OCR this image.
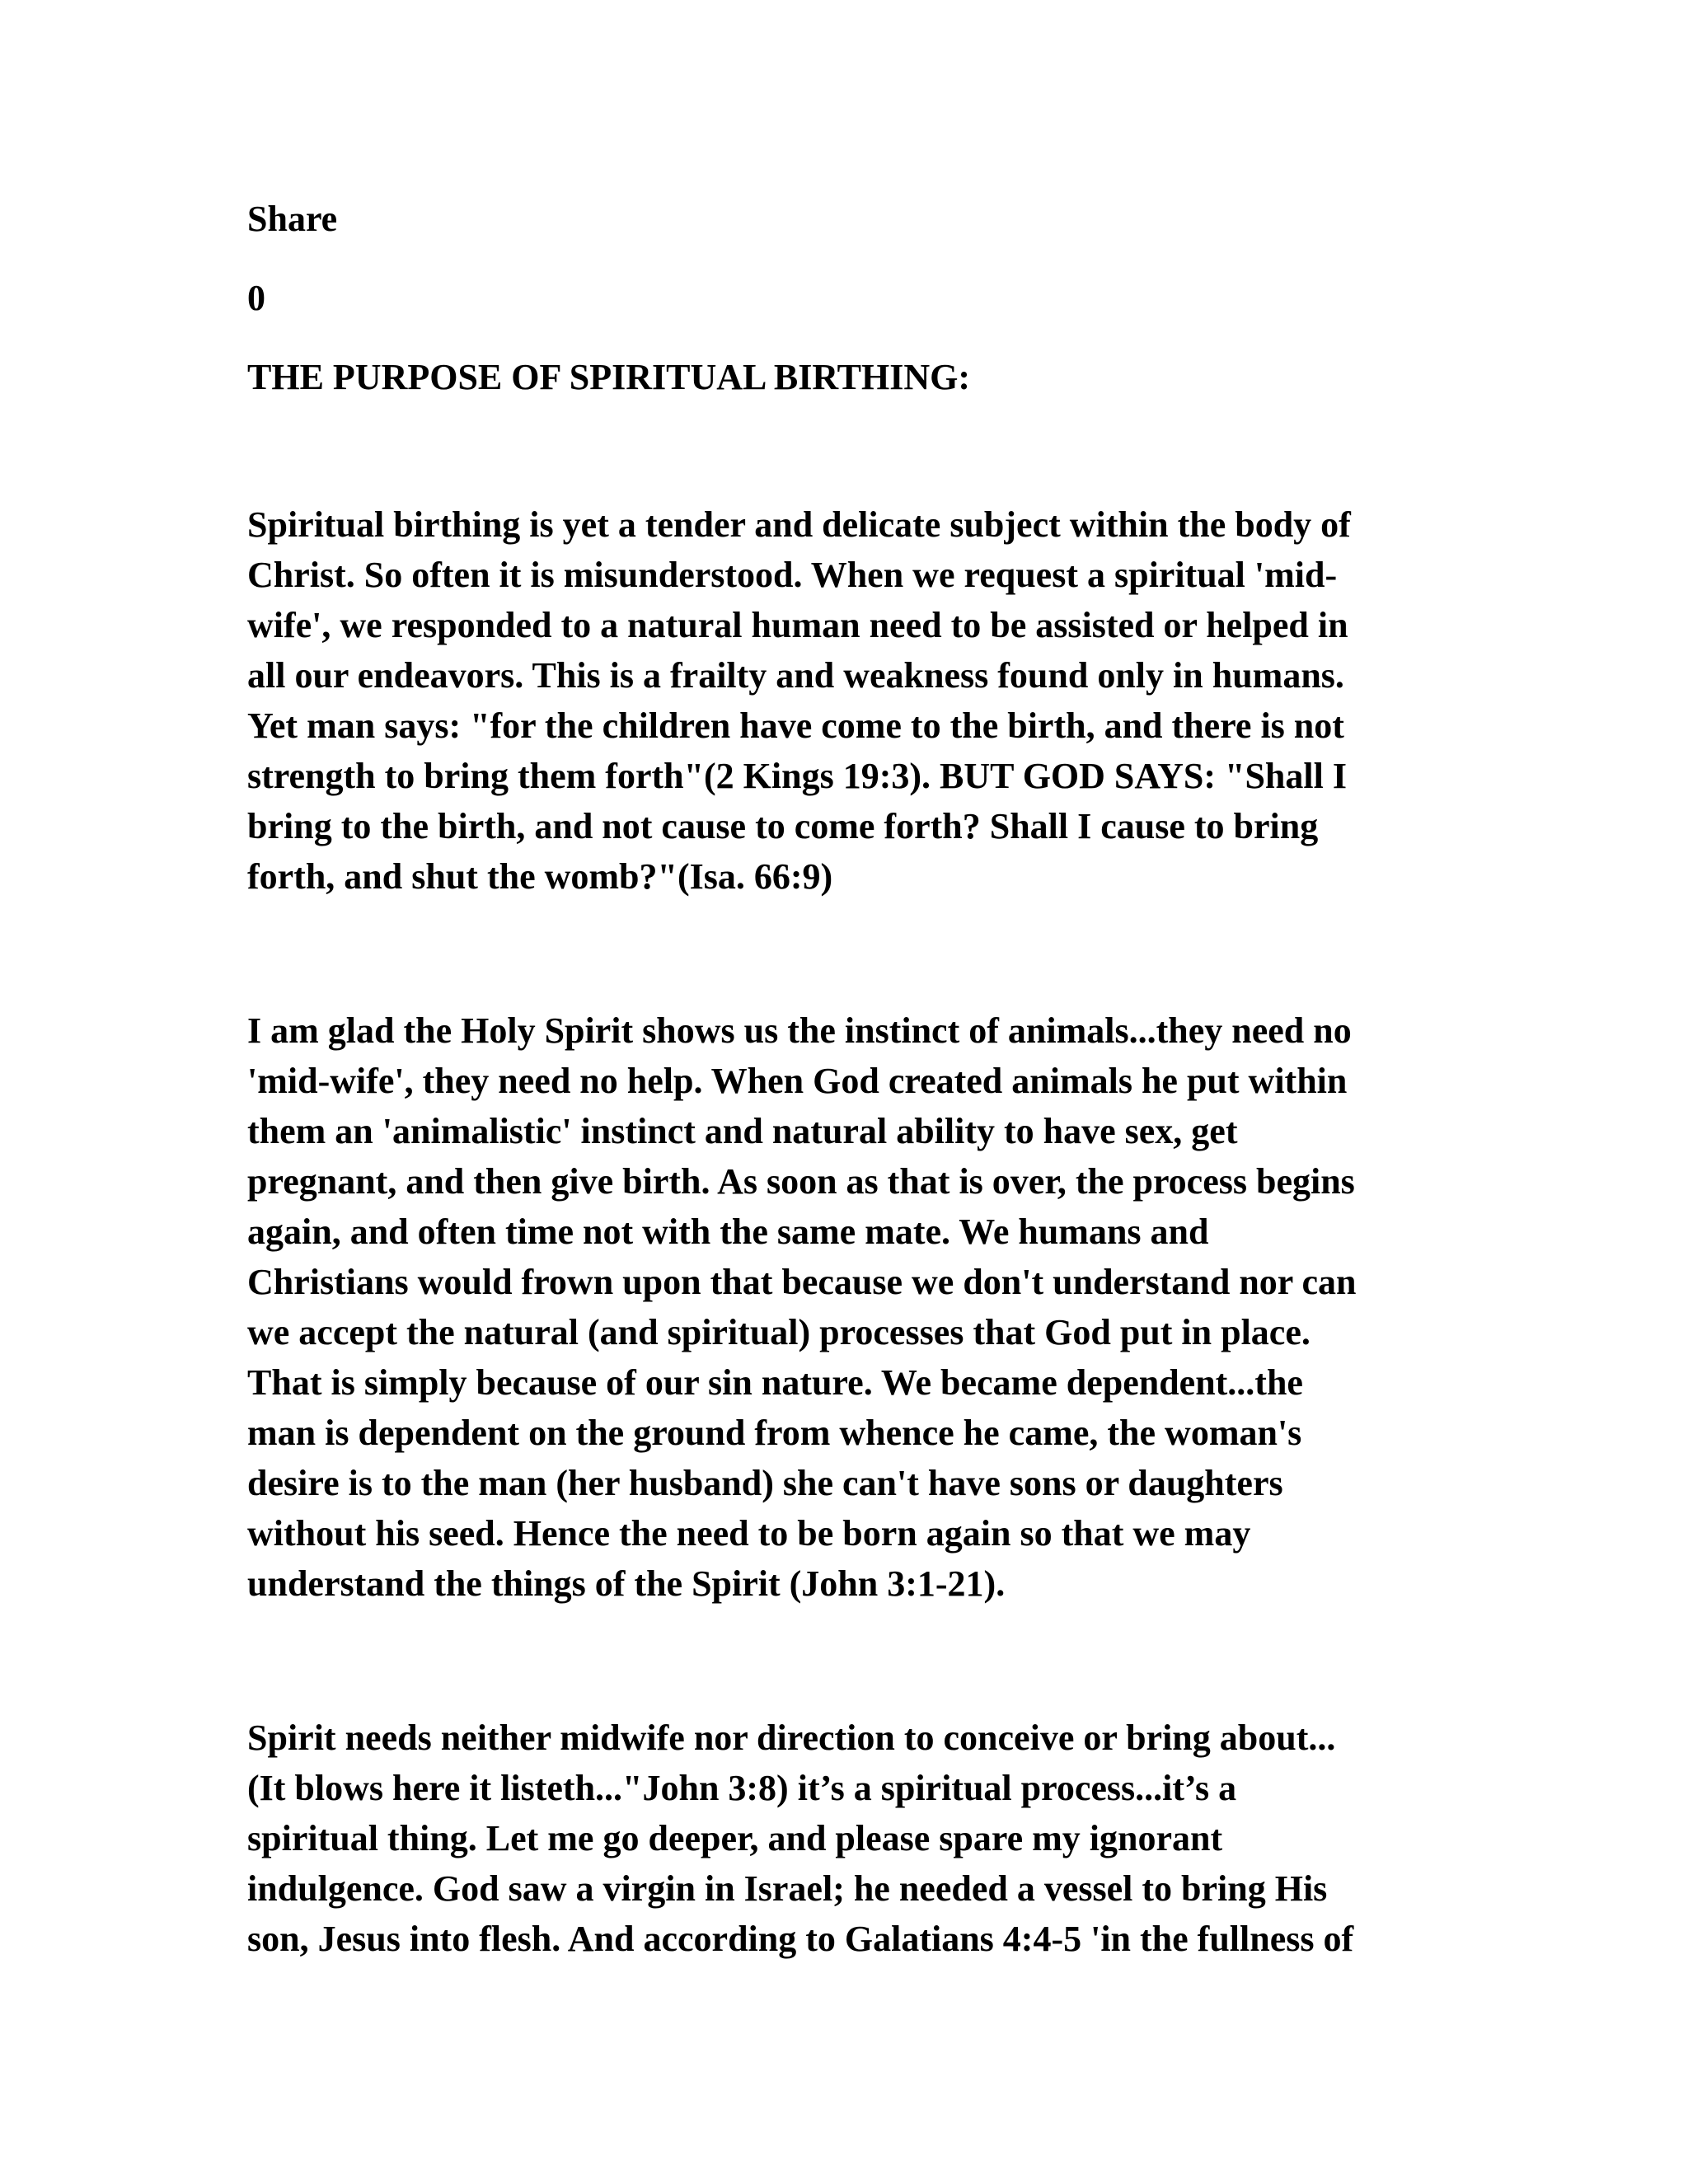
Share
0
THE PURPOSE OF SPIRITUAL BIRTHING:
Spiritual birthing is yet a tender and delicate subject within the body of
Christ. So often it is misunderstood. When we request a spiritual 'mid-
wife', we responded to a natural human need to be assisted or helped in
all our endeavors. This is a frailty and weakness found only in humans.
Yet man says: "for the children have come to the birth, and there is not
strength to bring them forth"(2 Kings 19:3). BUT GOD SAYS: "Shall I
bring to the birth, and not cause to come forth? Shall I cause to bring
forth, and shut the womb?"(Isa. 66:9)
I am glad the Holy Spirit shows us the instinct of animals...they need no
'mid-wife', they need no help. When God created animals he put within
them an 'animalistic' instinct and natural ability to have sex, get
pregnant, and then give birth. As soon as that is over, the process begins
again, and often time not with the same mate. We humans and
Christians would frown upon that because we don't understand nor can
we accept the natural (and spiritual) processes that God put in place.
That is simply because of our sin nature. We became dependent...the
man is dependent on the ground from whence he came, the woman's
desire is to the man (her husband) she can't have sons or daughters
without his seed. Hence the need to be born again so that we may
understand the things of the Spirit (John 3:1-21).
Spirit needs neither midwife nor direction to conceive or bring about...
(It blows here it listeth..."John 3:8) it’s a spiritual process...it’s a
spiritual thing. Let me go deeper, and please spare my ignorant
indulgence. God saw a virgin in Israel; he needed a vessel to bring His
son, Jesus into flesh. And according to Galatians 4:4-5 'in the fullness of
